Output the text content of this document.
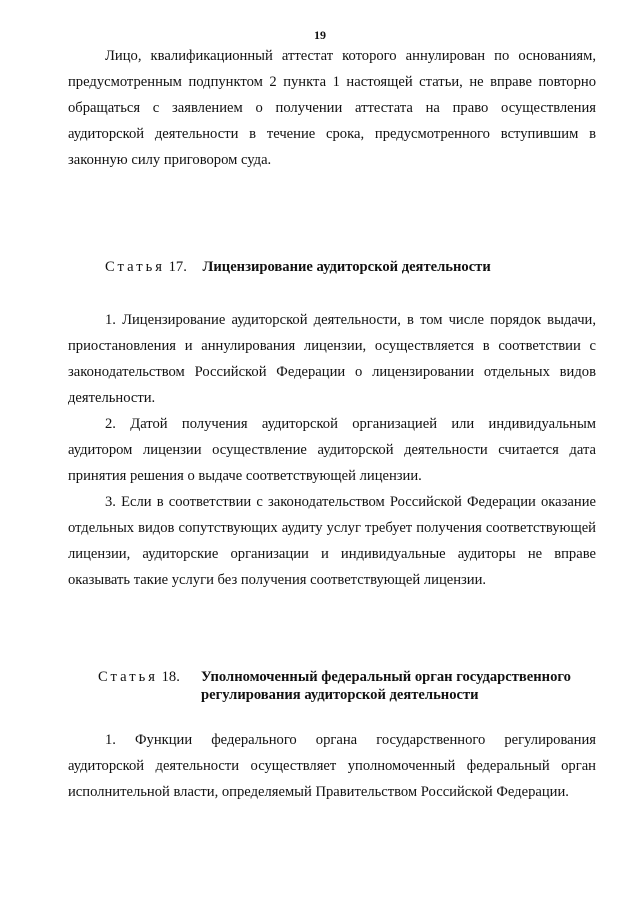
19

Лицо, квалификационный аттестат которого аннулирован по основаниям, предусмотренным подпунктом 2 пункта 1 настоящей статьи, не вправе повторно обращаться с заявлением о получении аттестата на право осуществления аудиторской деятельности в течение срока, предусмотренного вступившим в законную силу приговором суда.

Статья 17. Лицензирование аудиторской деятельности

1. Лицензирование аудиторской деятельности, в том числе порядок выдачи, приостановления и аннулирования лицензии, осуществляется в соответствии с законодательством Российской Федерации о лицензировании отдельных видов деятельности.

2. Датой получения аудиторской организацией или индивидуальным аудитором лицензии осуществление аудиторской деятельности считается дата принятия решения о выдаче соответствующей лицензии.

3. Если в соответствии с законодательством Российской Федерации оказание отдельных видов сопутствующих аудиту услуг требует получения соответствующей лицензии, аудиторские организации и индивидуальные аудиторы не вправе оказывать такие услуги без получения соответствующей лицензии.

Статья 18. Уполномоченный федеральный орган государственного
регулирования аудиторской деятельности

1. Функции федерального органа государственного регулирования аудиторской деятельности осуществляет уполномоченный федеральный орган исполнительной власти, определяемый Правительством Российской Федерации.
